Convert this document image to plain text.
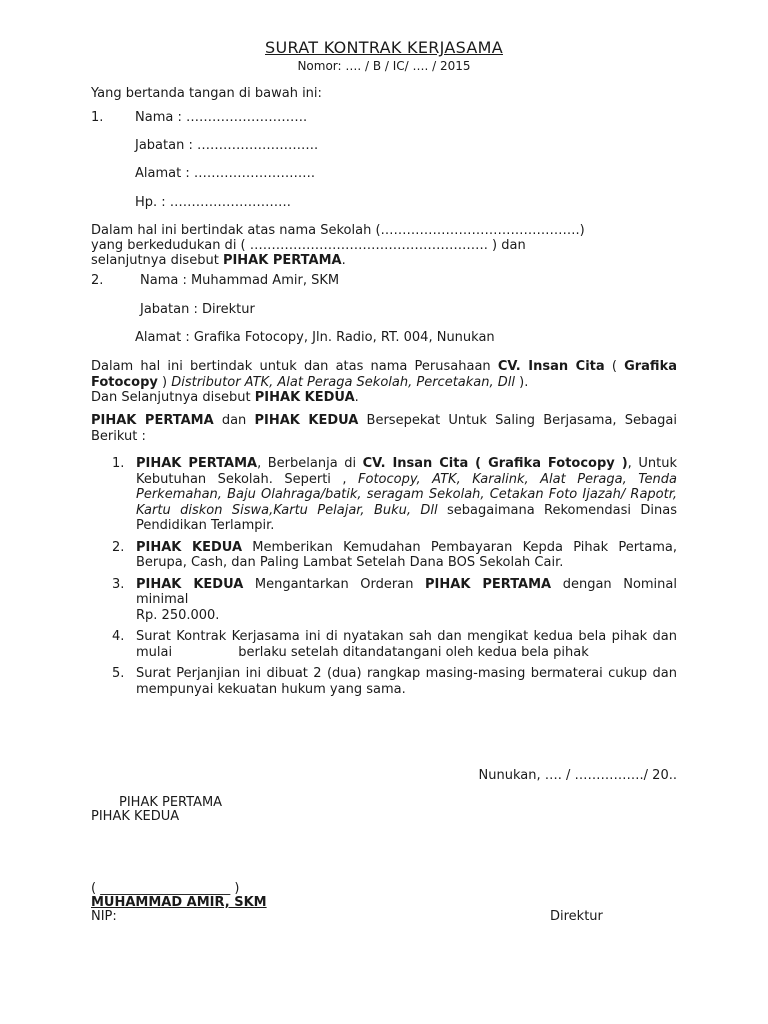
SURAT KONTRAK KERJASAMA
Nomor: …. / B / IC/ …. / 2015
Yang bertanda tangan di bawah ini:
1. Nama : ……………………….
Jabatan : ……………………….
Alamat : ……………………….
Hp. : ……………………….
Dalam hal ini bertindak atas nama Sekolah (……………………………………….)
yang berkedudukan di ( ………………………………………………. ) dan
selanjutnya disebut PIHAK PERTAMA.
2.	Nama : Muhammad Amir, SKM
Jabatan : Direktur
Alamat : Grafika Fotocopy, Jln. Radio, RT. 004, Nunukan
Dalam hal ini bertindak untuk dan atas nama Perusahaan CV. Insan Cita ( Grafika Fotocopy ) Distributor ATK, Alat Peraga Sekolah, Percetakan, Dll ).
Dan Selanjutnya disebut PIHAK KEDUA.
PIHAK PERTAMA dan PIHAK KEDUA Bersepekat Untuk Saling Berjasama, Sebagai Berikut :
1. PIHAK PERTAMA, Berbelanja di CV. Insan Cita ( Grafika Fotocopy ), Untuk Kebutuhan Sekolah. Seperti , Fotocopy, ATK, Karalink, Alat Peraga, Tenda Perkemahan, Baju Olahraga/batik, seragam Sekolah, Cetakan Foto Ijazah/ Rapotr, Kartu diskon Siswa,Kartu Pelajar, Buku, Dll sebagaimana Rekomendasi Dinas Pendidikan Terlampir.
2. PIHAK KEDUA Memberikan Kemudahan Pembayaran Kepda Pihak Pertama, Berupa, Cash, dan Paling Lambat Setelah Dana BOS Sekolah Cair.
3. PIHAK KEDUA Mengantarkan Orderan PIHAK PERTAMA dengan Nominal minimal
Rp. 250.000.
4. Surat Kontrak Kerjasama ini di nyatakan sah dan mengikat kedua bela pihak dan mulai                berlaku setelah ditandatangani oleh kedua bela pihak
5. Surat Perjanjian ini dibuat 2 (dua) rangkap masing-masing bermaterai cukup dan mempunyai kekuatan hukum yang sama.
Nunukan, …. / ……………./ 20..
PIHAK PERTAMA
PIHAK KEDUA
( ____________________ )
MUHAMMAD AMIR, SKM
NIP:	Direktur
